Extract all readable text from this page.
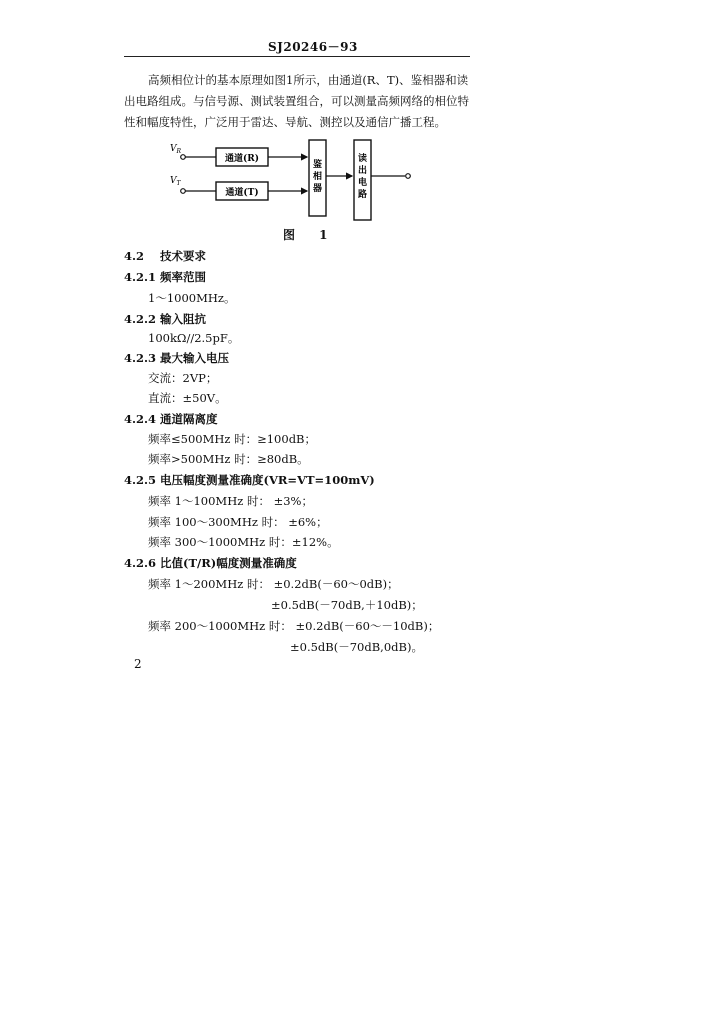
SJ20246－93
高频相位计的基本原理如图1所示，由通道(R、T)、鉴相器和读出电路组成。与信号源、测试装置组合，可以测量高频网络的相位特性和幅度特性，广泛用于雷达、导航、测控以及通信广播工程。
$V_R$
$V_T$
通道(R)
通道(T)
鉴
相
器
读
出
电
路
图 1
4.2 技术要求
4.2.1 频率范围
1～1000MHz。
4.2.2 输入阻抗
100kΩ//2.5pF。
4.2.3 最大输入电压
交流：2VP；
直流：±50V。
4.2.4 通道隔离度
频率≤500MHz 时：≥100dB；
频率>500MHz 时：≥80dB。
4.2.5 电压幅度测量准确度(VR=VT=100mV)
频率 1～100MHz 时： ±3%；
频率 100～300MHz 时： ±6%；
频率 300～1000MHz 时：±12%。
4.2.6 比值(T/R)幅度测量准确度
频率 1～200MHz 时： ±0.2dB(－60～0dB)；
±0.5dB(－70dB,＋10dB)；
频率 200～1000MHz 时： ±0.2dB(－60～－10dB)；
±0.5dB(－70dB,0dB)。
2
